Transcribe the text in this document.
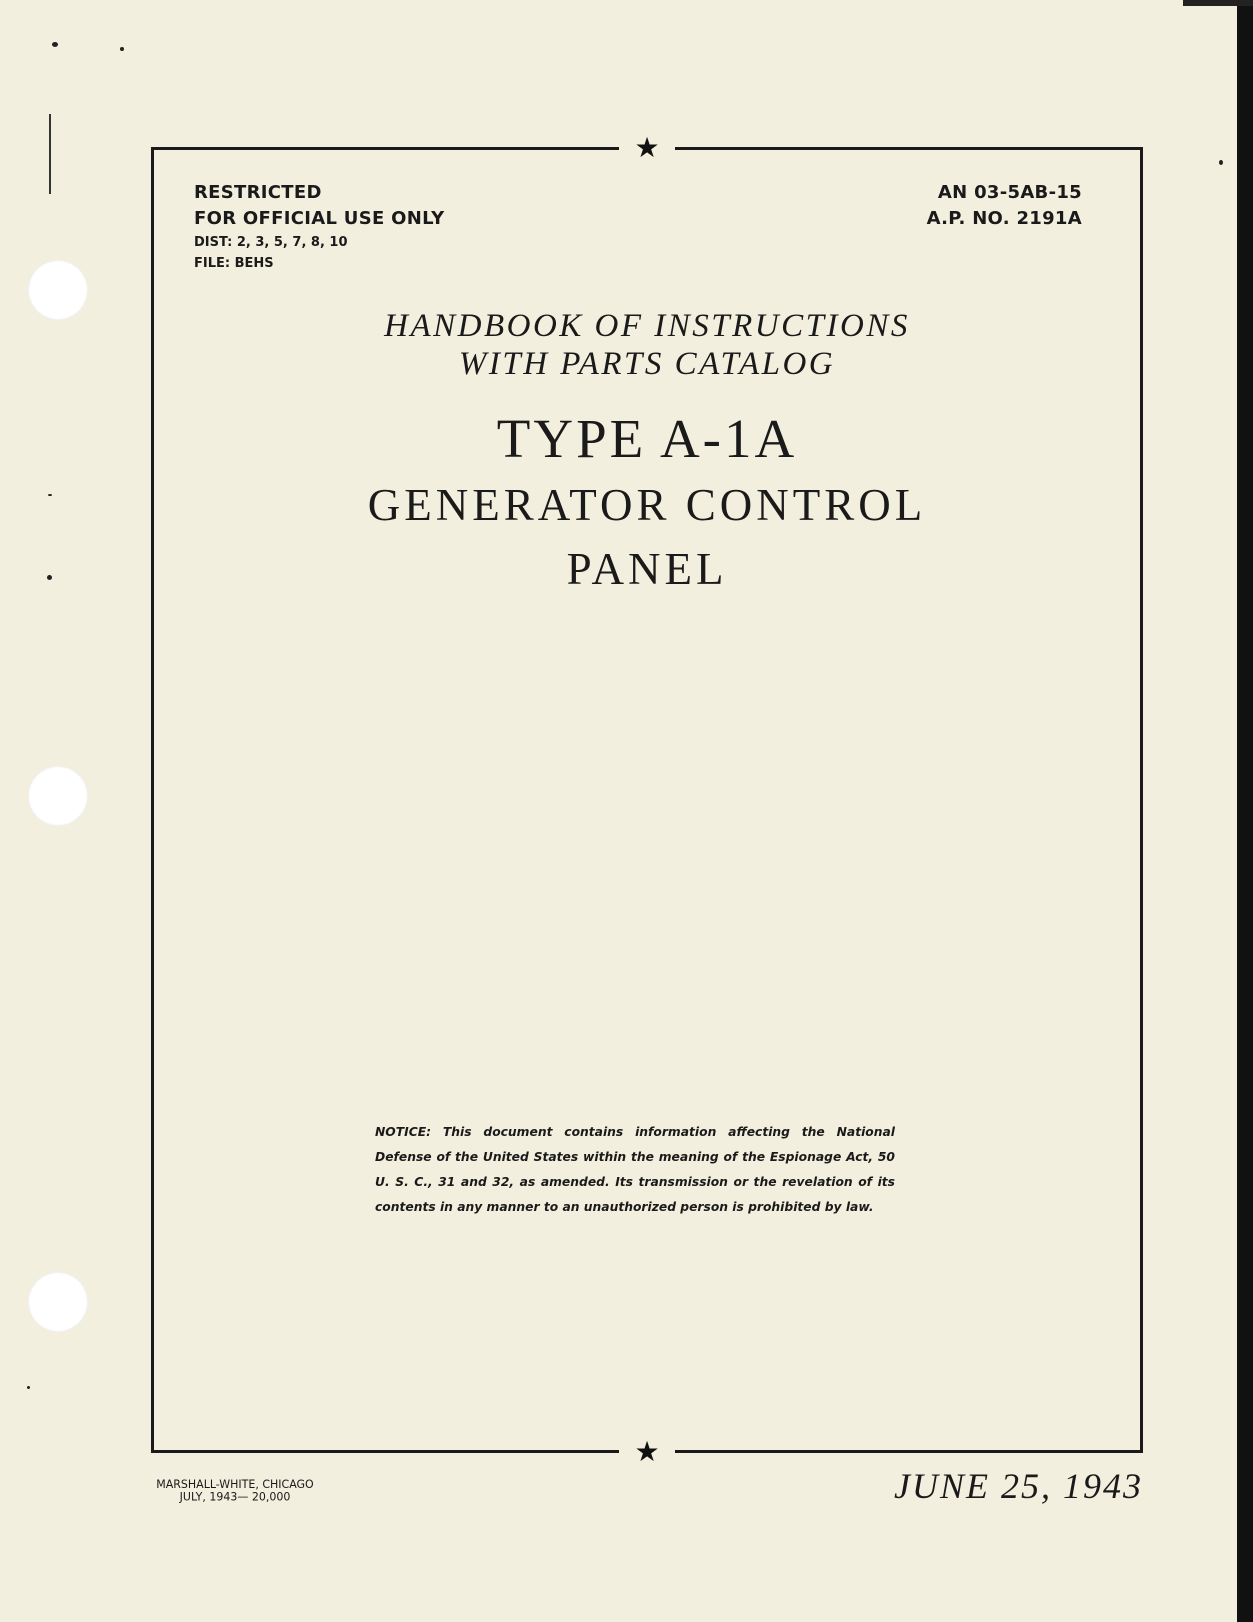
★
★
RESTRICTED
FOR OFFICIAL USE ONLY
DIST: 2, 3, 5, 7, 8, 10
FILE: BEHS
AN 03-5AB-15
A.P. NO. 2191A
HANDBOOK OF INSTRUCTIONS
WITH PARTS CATALOG
TYPE A-1A
GENERATOR CONTROL
PANEL
NOTICE: This document contains information affecting the National Defense of the United States within the meaning of the Espionage Act, 50 U. S. C., 31 and 32, as amended. Its transmission or the revelation of its contents in any manner to an unauthorized person is prohibited by law.
MARSHALL-WHITE, CHICAGO
JULY, 1943— 20,000	JUNE 25, 1943
